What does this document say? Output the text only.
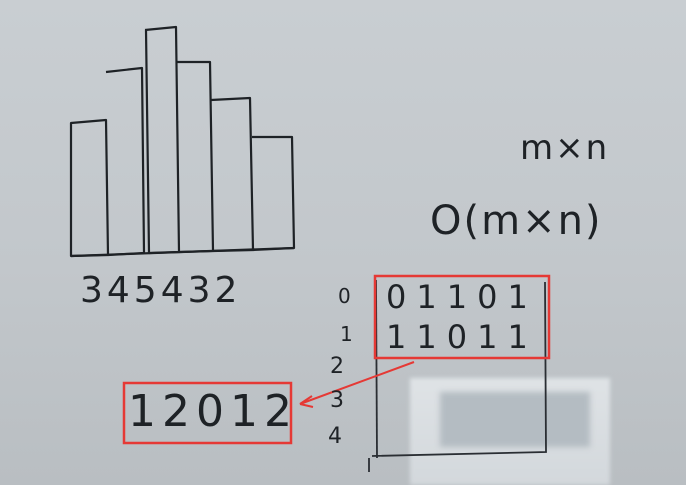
345432
m×n
O(m×n)
0 01101
1 11011
2
3
4
12012
